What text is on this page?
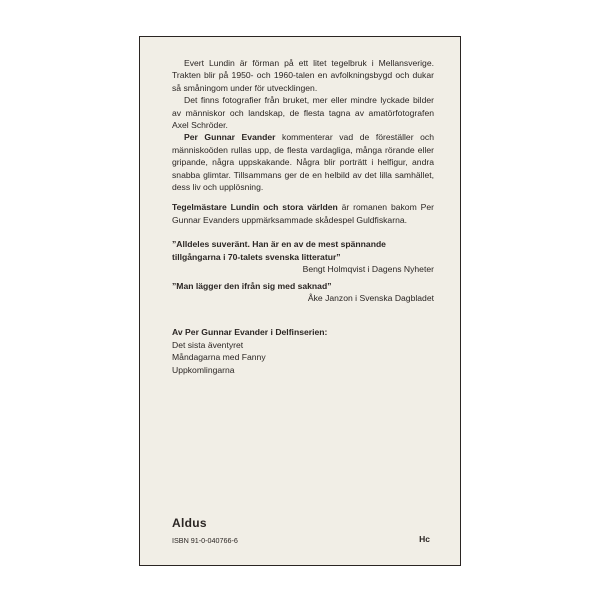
Evert Lundin är förman på ett litet tegelbruk i Mellansverige. Trakten blir på 1950- och 1960-talen en avfolkningsbygd och dukar så småningom under för utvecklingen.

Det finns fotografier från bruket, mer eller mindre lyckade bilder av människor och landskap, de flesta tagna av amatörfotografen Axel Schröder.

Per Gunnar Evander kommenterar vad de föreställer och människoöden rullas upp, de flesta vardagliga, många rörande eller gripande, några uppskakande. Några blir porträtt i helfigur, andra snabba glimtar. Tillsammans ger de en helbild av det lilla samhället, dess liv och upplösning.

Tegelmästare Lundin och stora världen är romanen bakom Per Gunnar Evanders uppmärksammade skådespel Guldfiskarna.

”Alldeles suveränt. Han är en av de mest spännande tillgångarna i 70-talets svenska litteratur”

Bengt Holmqvist i Dagens Nyheter

”Man lägger den ifrån sig med saknad”

Åke Janzon i Svenska Dagbladet

Av Per Gunnar Evander i Delfinserien:

Det sista äventyret
Måndagarna med Fanny
Uppkomlingarna
Aldus
ISBN 91-0-040766-6	Hc
